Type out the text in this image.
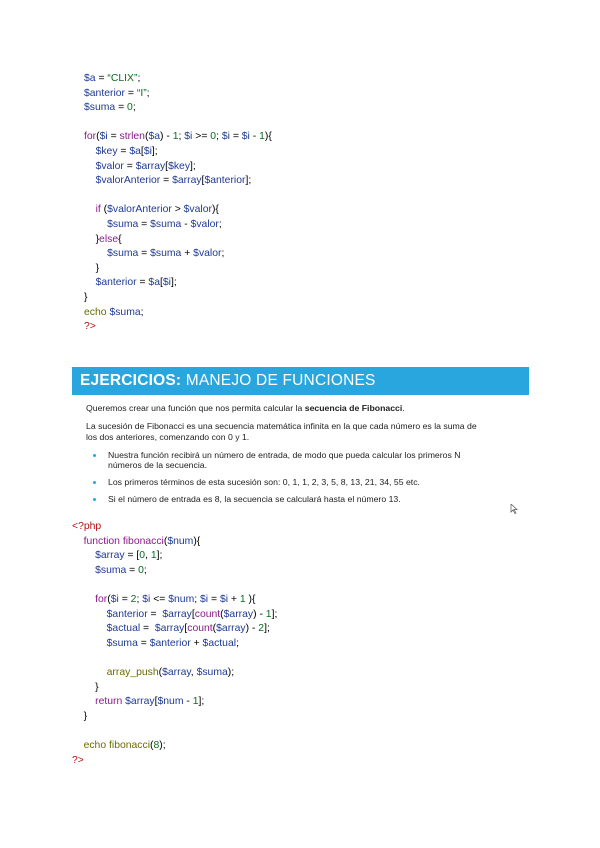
$a = “CLIX”;
$anterior = “I”;
$suma = 0;
for($i = strlen($a) - 1; $i >= 0; $i = $i - 1){
$key = $a[$i];
$valor = $array[$key];
$valorAnterior = $array[$anterior];
if ($valorAnterior > $valor){
$suma = $suma - $valor;
}else{
$suma = $suma + $valor;
}
$anterior = $a[$i];
}
echo $suma;
?>
EJERCICIOS: MANEJO DE FUNCIONES
Queremos crear una función que nos permita calcular la secuencia de Fibonacci.
La sucesión de Fibonacci es una secuencia matemática infinita en la que cada número es la suma de
los dos anteriores, comenzando con 0 y 1.
Nuestra función recibirá un número de entrada, de modo que pueda calcular los primeros N
números de la secuencia.
Los primeros términos de esta sucesión son: 0, 1, 1, 2, 3, 5, 8, 13, 21, 34, 55 etc.
Si el número de entrada es 8, la secuencia se calculará hasta el número 13.
<?php
function fibonacci($num){
$array = [0, 1];
$suma = 0;
for($i = 2; $i <= $num; $i = $i + 1 ){
$anterior =  $array[count($array) - 1];
$actual =  $array[count($array) - 2];
$suma = $anterior + $actual;
array_push($array, $suma);
}
return $array[$num - 1];
}
echo fibonacci(8);
?>
